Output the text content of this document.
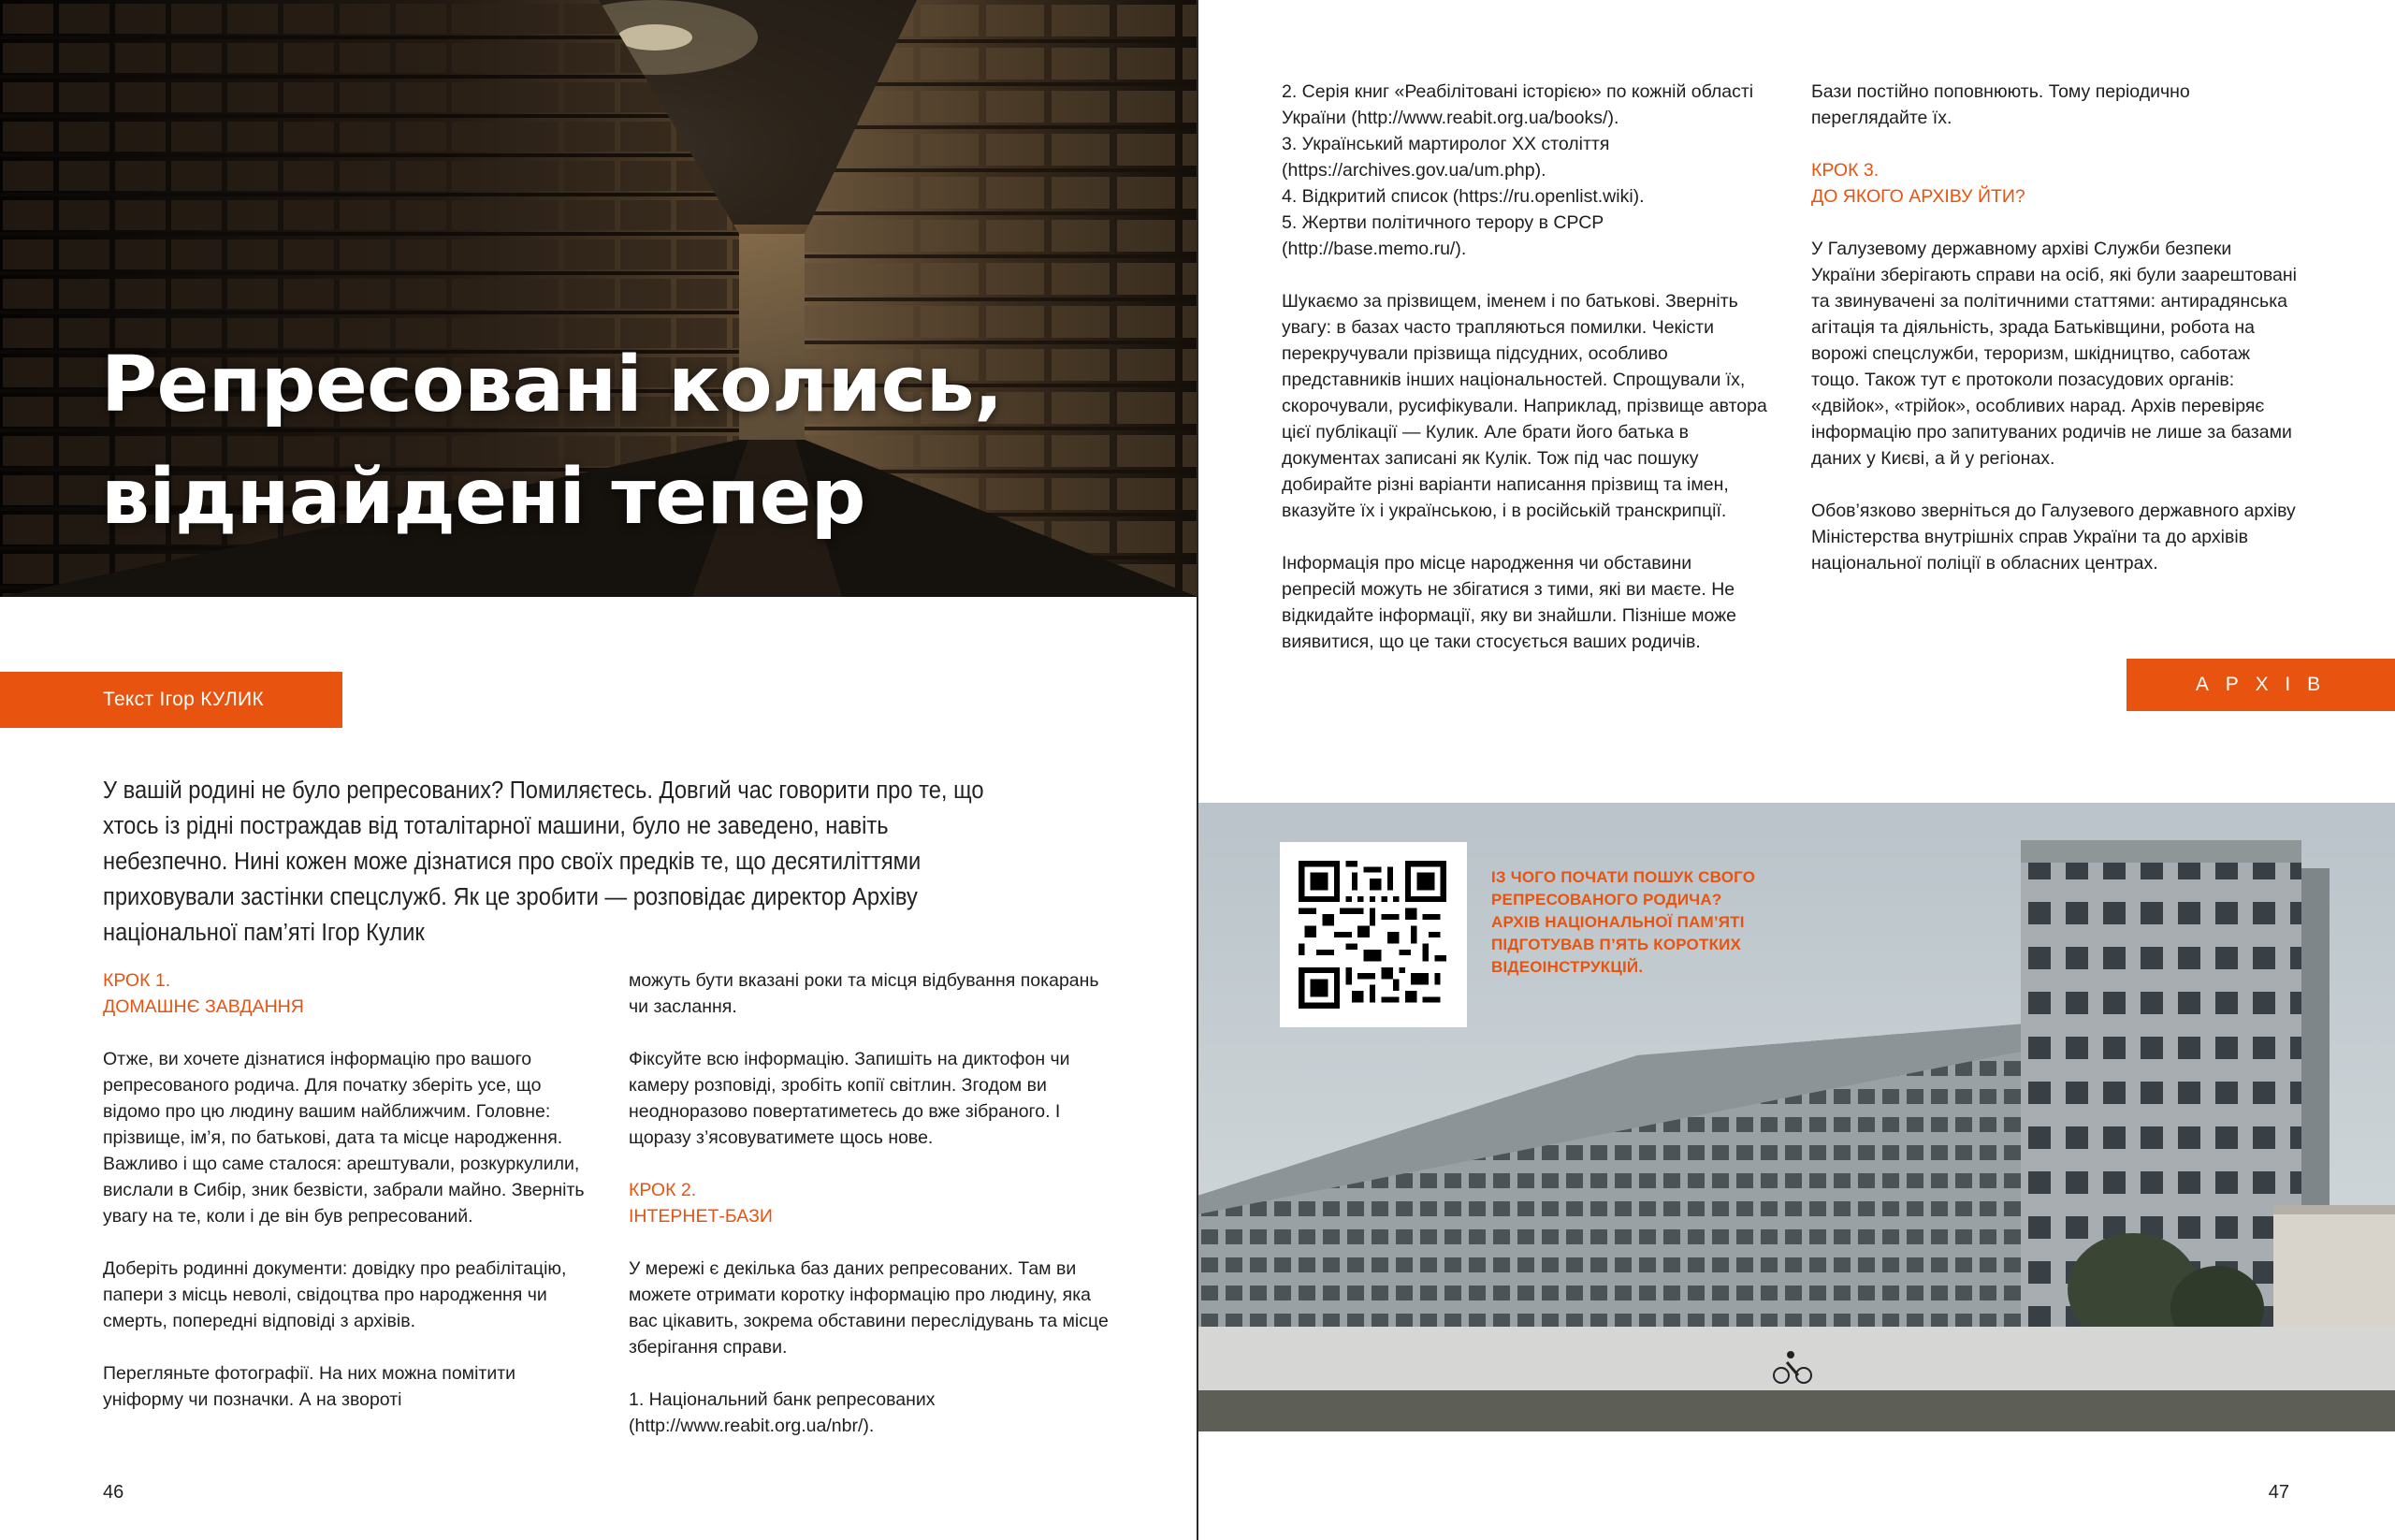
Репресовані колись,
віднайдені тепер
Текст Ігор КУЛИК

У вашій родині не було репресованих? Помиляєтесь. Довгий час говорити про те, що хтось із рідні постраждав від тоталітарної машини, було не заведено, навіть небезпечно. Нині кожен може дізнатися про своїх предків те, що десятиліттями приховували застінки спецслужб. Як це зробити — розповідає директор Архіву національної пам’яті Ігор Кулик

КРОК 1.
ДОМАШНЄ ЗАВДАННЯ

Отже, ви хочете дізнатися інформацію про вашого репресованого родича. Для початку зберіть усе, що відомо про цю людину вашим найближчим. Головне: прізвище, ім’я, по батькові, дата та місце народження. Важливо і що саме сталося: арештували, розкуркулили, вислали в Сибір, зник безвісти, забрали майно. Зверніть увагу на те, коли і де він був репресований.

Доберіть родинні документи: довідку про реабілітацію, папери з місць неволі, свідоцтва про народження чи смерть, попередні відповіді з архівів.

Перегляньте фотографії. На них можна помітити уніформу чи позначки. А на звороті

можуть бути вказані роки та місця відбування покарань чи заслання.

Фіксуйте всю інформацію. Запишіть на диктофон чи камеру розповіді, зробіть копії світлин. Згодом ви неодноразово повертатиметесь до вже зібраного. І щоразу з’ясовуватимете щось нове.

КРОК 2.
ІНТЕРНЕТ-БАЗИ

У мережі є декілька баз даних репресованих. Там ви можете отримати коротку інформацію про людину, яка вас цікавить, зокрема обставини переслідувань та місце зберігання справи.

1. Національний банк репресованих (http://www.reabit.org.ua/nbr/).

46

2. Серія книг «Реабілітовані історією» по кожній області України (http://www.reabit.org.ua/books/).

3. Український мартиролог ХХ століття (https://archives.gov.ua/um.php).

4. Відкритий список (https://ru.openlist.wiki).

5. Жертви політичного терору в СРСР (http://base.memo.ru/).

Шукаємо за прізвищем, іменем і по батькові. Зверніть увагу: в базах часто трапляються помилки. Чекісти перекручували прізвища підсудних, особливо представників інших національностей. Спрощували їх, скорочували, русифікували. Наприклад, прізвище автора цієї публікації — Кулик. Але брати його батька в документах записані як Кулік. Тож під час пошуку добирайте різні варіанти написання прізвищ та імен, вказуйте їх і українською, і в російській транскрипції.

Інформація про місце народження чи обставини репресій можуть не збігатися з тими, які ви маєте. Не відкидайте інформації, яку ви знайшли. Пізніше може виявитися, що це таки стосується ваших родичів.

Бази постійно поповнюють. Тому періодично переглядайте їх.

КРОК 3.
ДО ЯКОГО АРХІВУ ЙТИ?

У Галузевому державному архіві Служби безпеки України зберігають справи на осіб, які були заарештовані та звинувачені за політичними статтями: антирадянська агітація та діяльність, зрада Батьківщини, робота на ворожі спецслужби, тероризм, шкідництво, саботаж тощо. Також тут є протоколи позасудових органів: «двійок», «трійок», особливих нарад. Архів перевіряє інформацію про запитуваних родичів не лише за базами даних у Києві, а й у регіонах.

Обов’язково зверніться до Галузевого державного архіву Міністерства внутрішніх справ України та до архівів національної поліції в обласних центрах.

ІЗ ЧОГО ПОЧАТИ ПОШУК СВОГО РЕПРЕСОВАНОГО РОДИЧА? АРХІВ НАЦІОНАЛЬНОЇ ПАМ’ЯТІ ПІДГОТУВАВ П’ЯТЬ КОРОТКИХ ВІДЕОІНСТРУКЦІЙ.

47
А Р Х І В
